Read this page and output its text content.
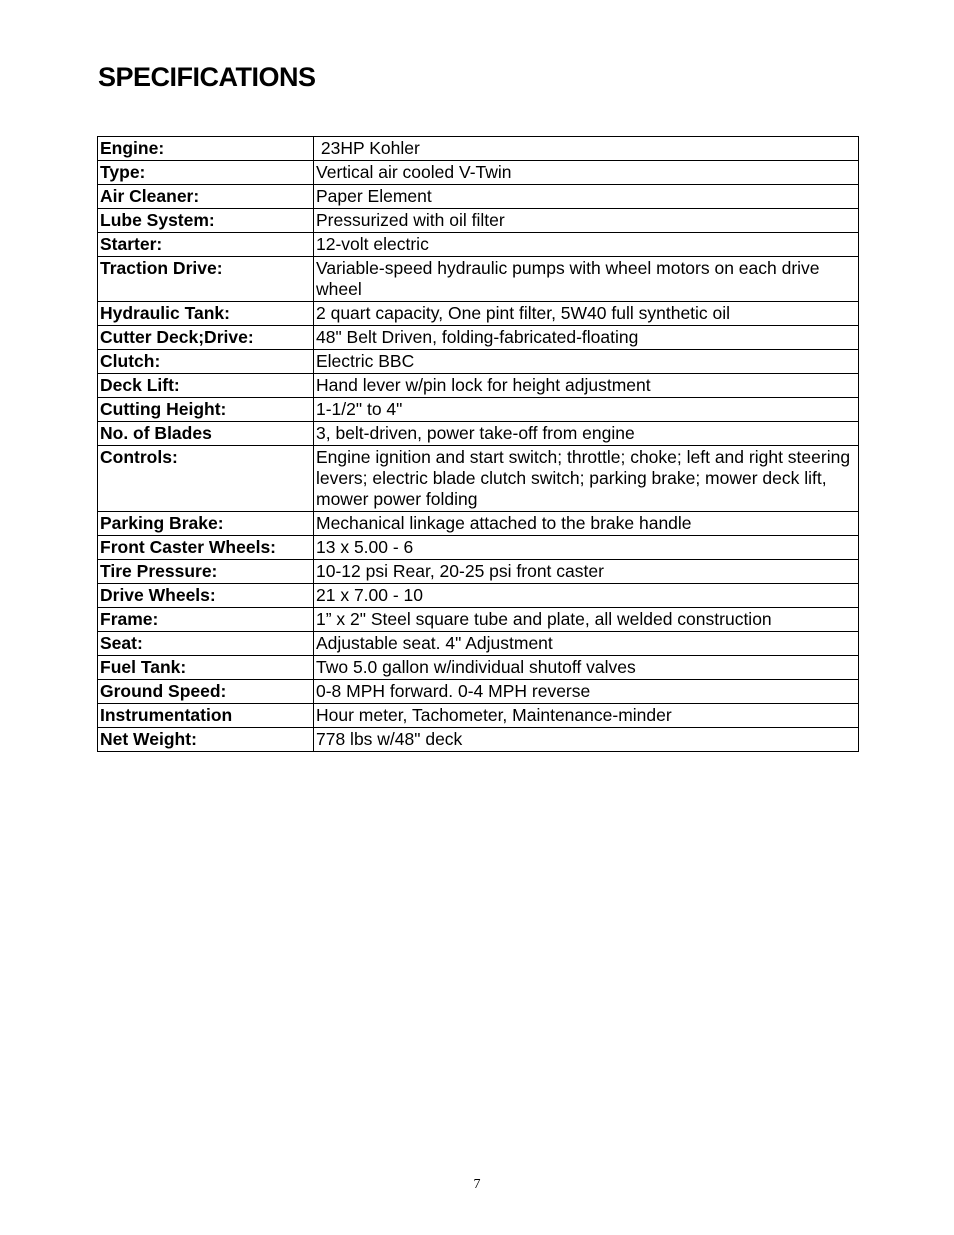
SPECIFICATIONS
Engine:	23HP Kohler
Type:	Vertical air cooled V-Twin
Air Cleaner:	Paper Element
Lube System:	Pressurized with oil filter
Starter:	12-volt electric
Traction Drive:	Variable-speed hydraulic pumps with wheel motors on each drive wheel
Hydraulic Tank:	2 quart capacity, One pint filter, 5W40 full synthetic oil
Cutter Deck;Drive:	48" Belt Driven, folding-fabricated-floating
Clutch:	Electric BBC
Deck Lift:	Hand lever w/pin lock for height adjustment
Cutting Height:	1-1/2" to 4"
No. of Blades	3, belt-driven, power take-off from engine
Controls:	Engine ignition and start switch; throttle; choke; left and right steering levers; electric blade clutch switch; parking brake; mower deck lift, mower power folding
Parking Brake:	Mechanical linkage attached to the brake handle
Front Caster Wheels:	13 x 5.00 - 6
Tire Pressure:	10-12 psi Rear, 20-25 psi front caster
Drive Wheels:	21 x 7.00 - 10
Frame:	1” x 2" Steel square tube and plate, all welded construction
Seat:	Adjustable seat. 4" Adjustment
Fuel Tank:	Two 5.0 gallon w/individual shutoff valves
Ground Speed:	0-8 MPH forward. 0-4 MPH reverse
Instrumentation	Hour meter, Tachometer, Maintenance-minder
Net Weight:	778 lbs w/48" deck
7
